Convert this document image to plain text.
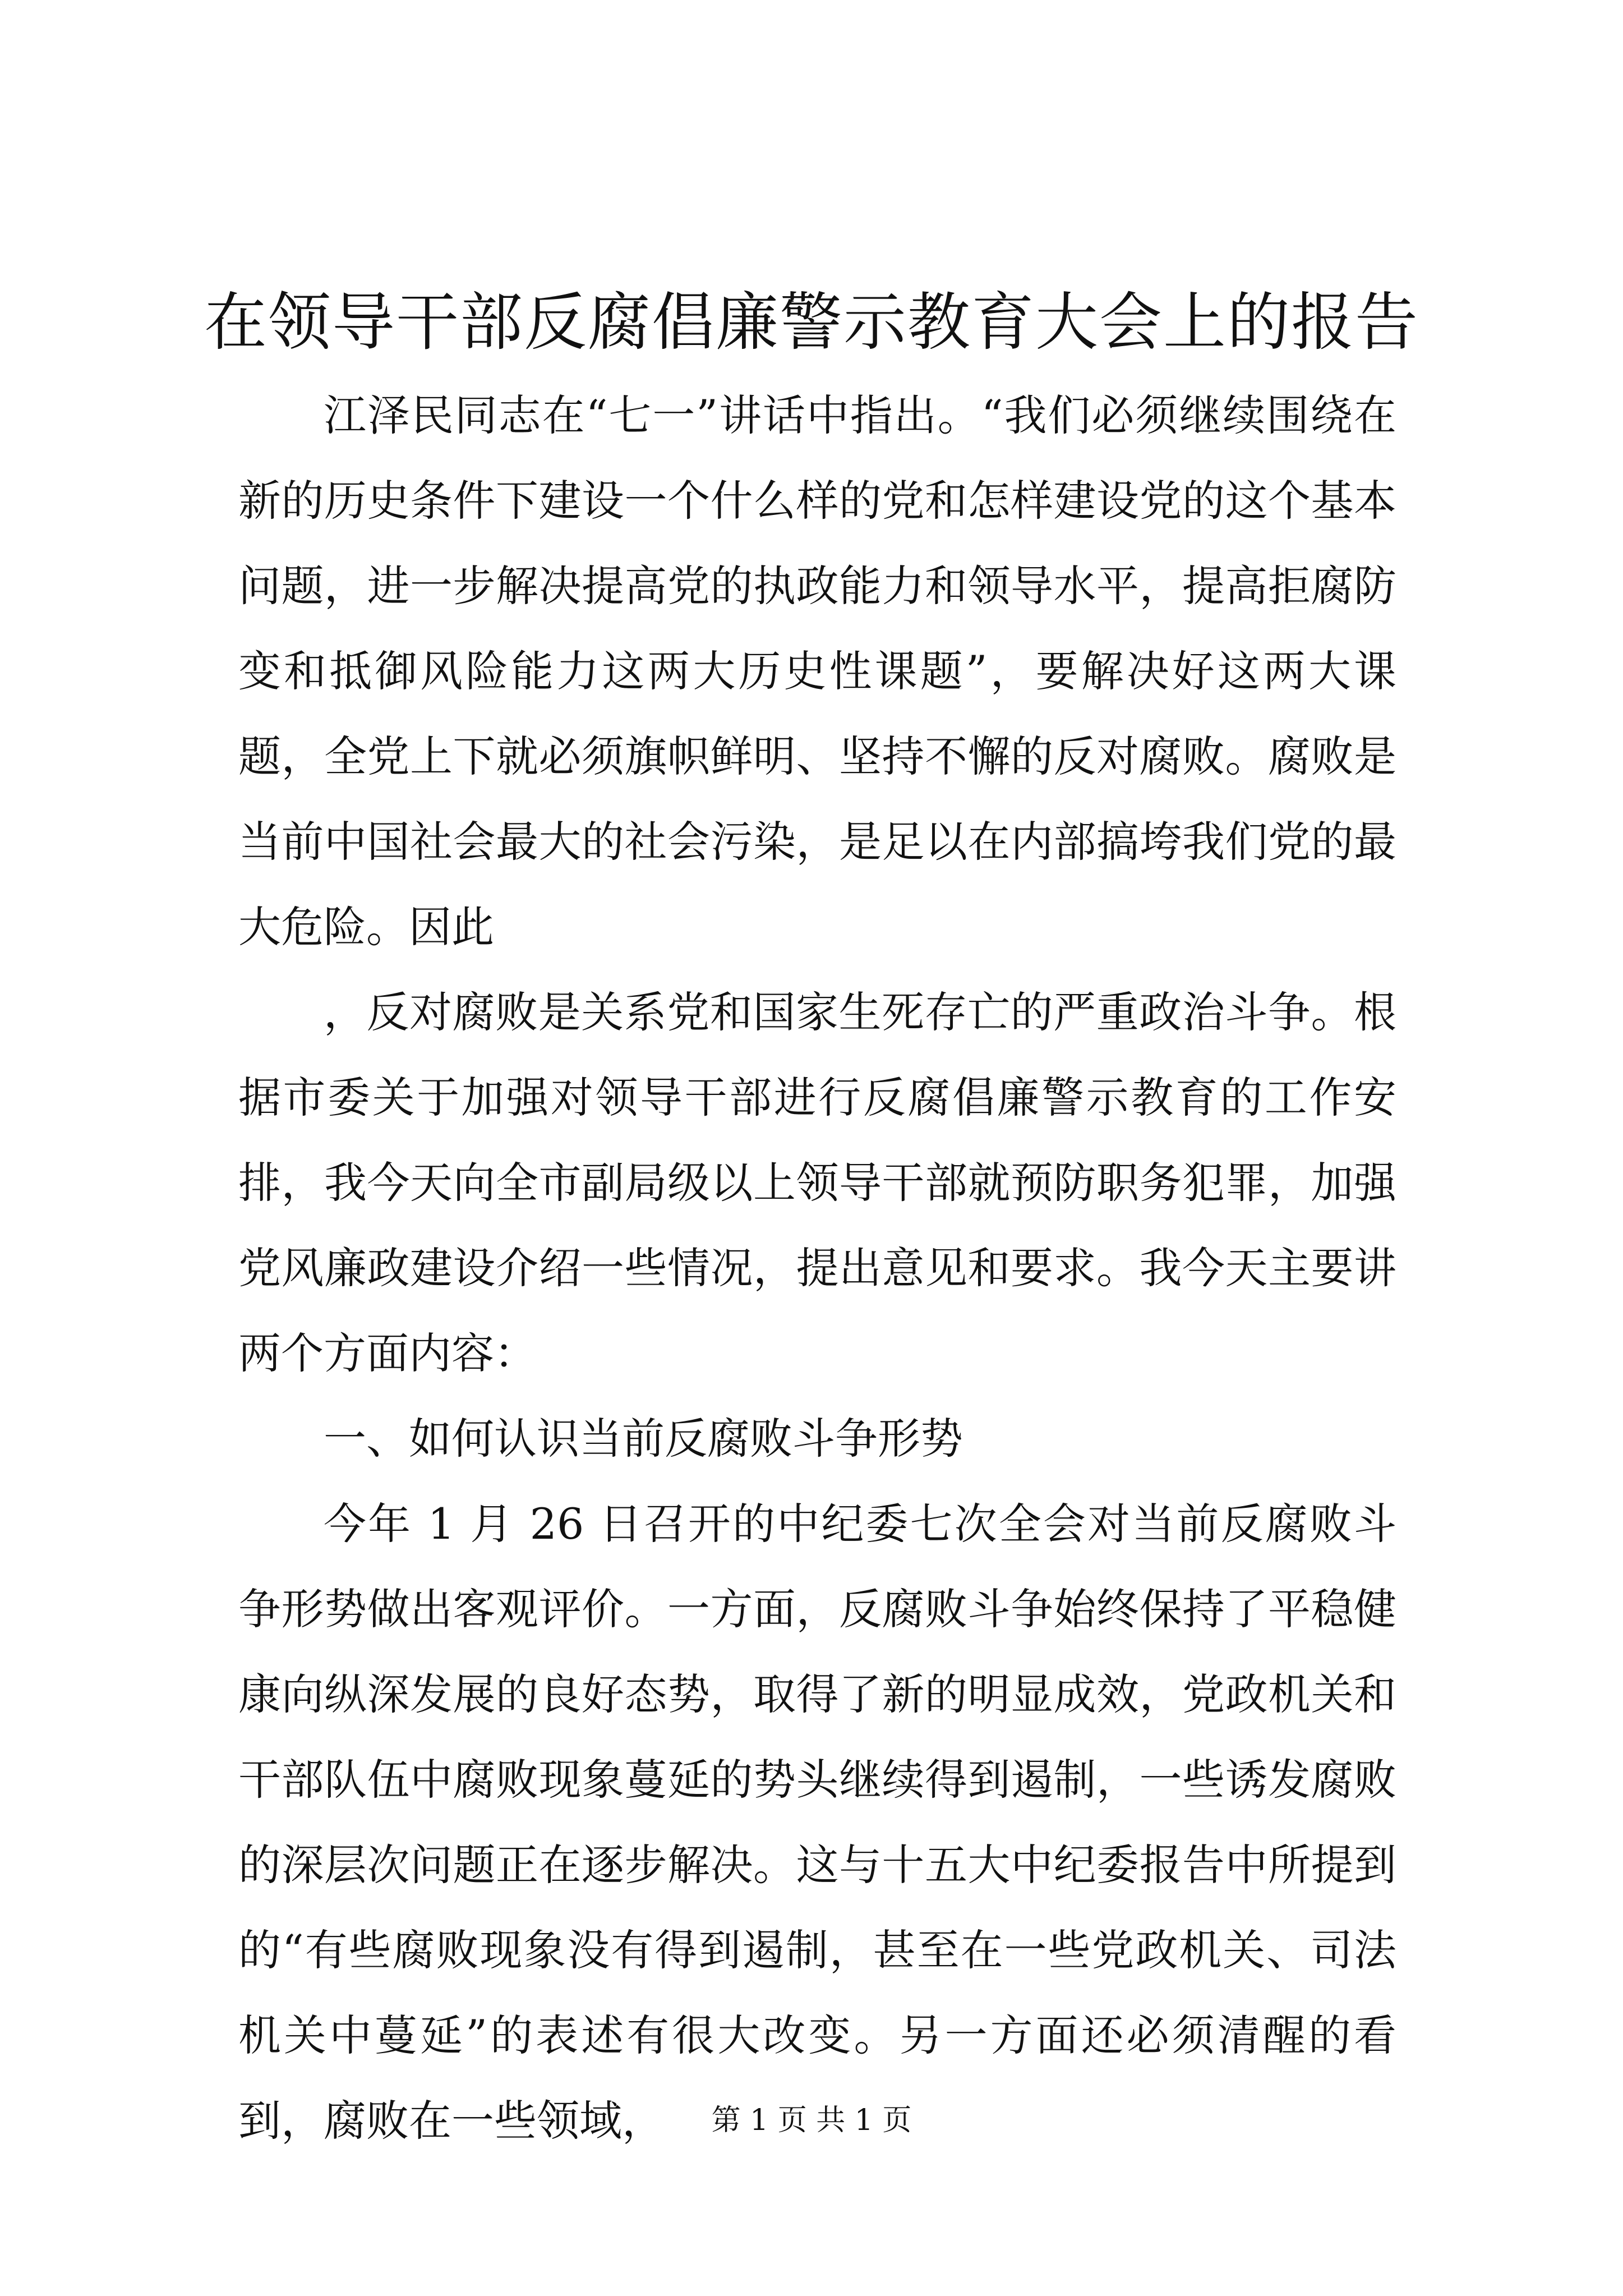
在领导干部反腐倡廉警示教育大会上的报告

江泽民同志在“七一”讲话中指出。“我们必须继续围绕在新的历史条件下建设一个什么样的党和怎样建设党的这个基本问题，进一步解决提高党的执政能力和领导水平，提高拒腐防变和抵御风险能力这两大历史性课题”，要解决好这两大课题，全党上下就必须旗帜鲜明、坚持不懈的反对腐败。腐败是当前中国社会最大的社会污染，是足以在内部搞垮我们党的最大危险。因此

，反对腐败是关系党和国家生死存亡的严重政治斗争。根据市委关于加强对领导干部进行反腐倡廉警示教育的工作安排，我今天向全市副局级以上领导干部就预防职务犯罪，加强党风廉政建设介绍一些情况，提出意见和要求。我今天主要讲两个方面内容：

一、如何认识当前反腐败斗争形势

今年 1 月 26 日召开的中纪委七次全会对当前反腐败斗争形势做出客观评价。一方面，反腐败斗争始终保持了平稳健康向纵深发展的良好态势，取得了新的明显成效，党政机关和干部队伍中腐败现象蔓延的势头继续得到遏制，一些诱发腐败的深层次问题正在逐步解决。这与十五大中纪委报告中所提到的“有些腐败现象没有得到遏制，甚至在一些党政机关、司法机关中蔓延”的表述有很大改变。另一方面还必须清醒的看到，腐败在一些领域，	第 1 页 共 1 页
